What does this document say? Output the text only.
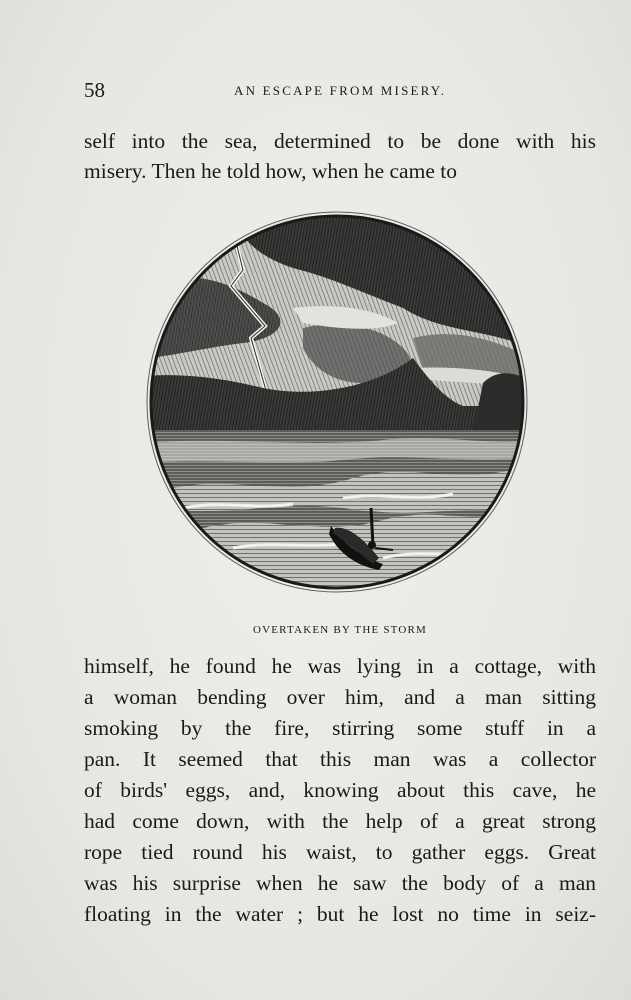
58	AN ESCAPE FROM MISERY.
self into the sea, determined to be done with his
misery. Then he told how, when he came to
OVERTAKEN BY THE STORM
himself, he found he was lying in a cottage, with
a woman bending over him, and a man sitting
smoking by the fire, stirring some stuff in a
pan. It seemed that this man was a collector
of birds' eggs, and, knowing about this cave, he
had come down, with the help of a great strong
rope tied round his waist, to gather eggs. Great
was his surprise when he saw the body of a man
floating in the water ; but he lost no time in seiz-
